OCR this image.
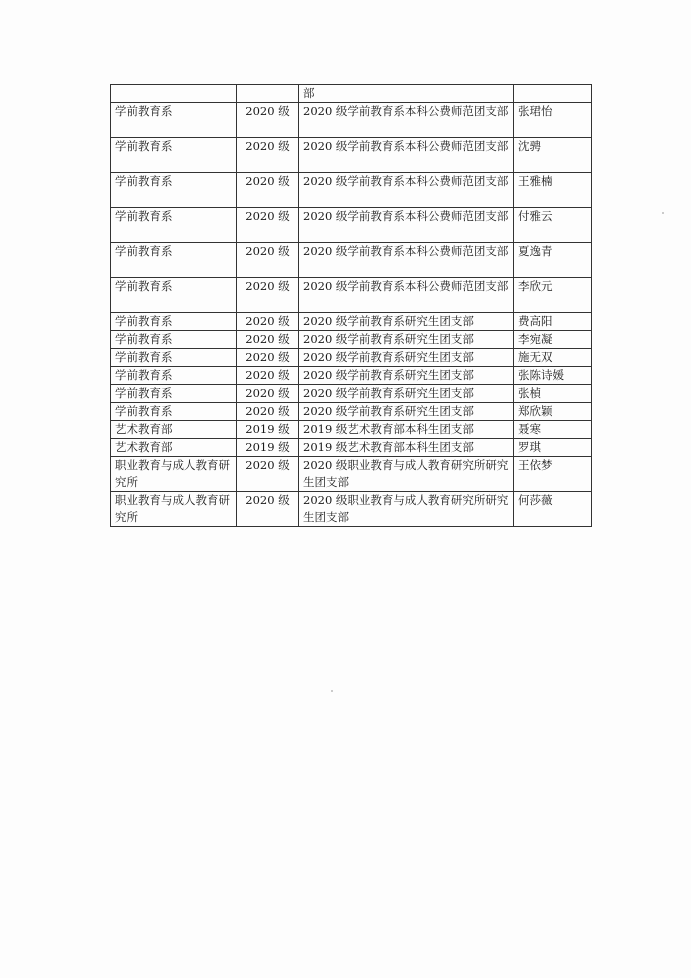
		部	
学前教育系	2020 级	2020 级学前教育系本科公费师范团支部	张珺怡
学前教育系	2020 级	2020 级学前教育系本科公费师范团支部	沈骋
学前教育系	2020 级	2020 级学前教育系本科公费师范团支部	王雅楠
学前教育系	2020 级	2020 级学前教育系本科公费师范团支部	付雅云
学前教育系	2020 级	2020 级学前教育系本科公费师范团支部	夏逸青
学前教育系	2020 级	2020 级学前教育系本科公费师范团支部	李欣元
学前教育系	2020 级	2020 级学前教育系研究生团支部	费高阳
学前教育系	2020 级	2020 级学前教育系研究生团支部	李宛凝
学前教育系	2020 级	2020 级学前教育系研究生团支部	施无双
学前教育系	2020 级	2020 级学前教育系研究生团支部	张陈诗媛
学前教育系	2020 级	2020 级学前教育系研究生团支部	张楨
学前教育系	2020 级	2020 级学前教育系研究生团支部	郑欣颖
艺术教育部	2019 级	2019 级艺术教育部本科生团支部	聂寒
艺术教育部	2019 级	2019 级艺术教育部本科生团支部	罗琪
职业教育与成人教育研究所	2020 级	2020 级职业教育与成人教育研究所研究生团支部	王依梦
职业教育与成人教育研究所	2020 级	2020 级职业教育与成人教育研究所研究生团支部	何莎薇
